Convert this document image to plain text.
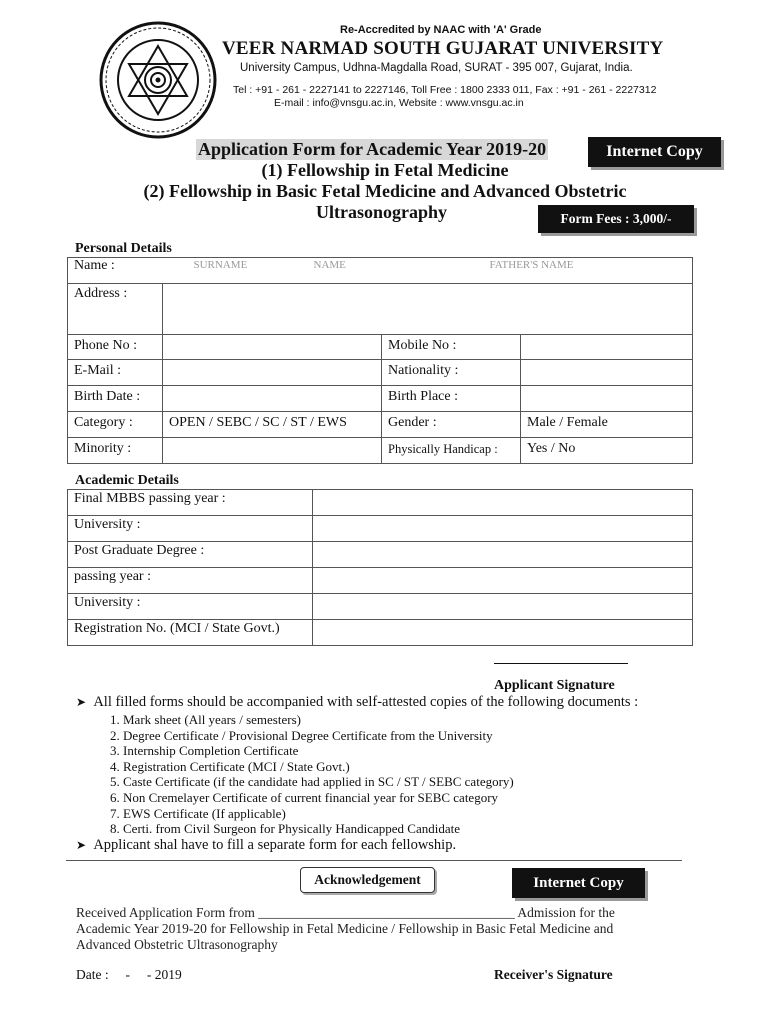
Re-Accredited by NAAC with 'A' Grade
VEER NARMAD SOUTH GUJARAT UNIVERSITY
University Campus, Udhna-Magdalla Road, SURAT - 395 007, Gujarat, India.
Tel : +91 - 261 - 2227141 to 2227146, Toll Free : 1800 2333 011, Fax : +91 - 261 - 2227312
E-mail : info@vnsgu.ac.in, Website : www.vnsgu.ac.in
Application Form for Academic Year 2019-20	Internet Copy
(1) Fellowship in Fetal Medicine
(2) Fellowship in Basic Fetal Medicine and Advanced Obstetric
Ultrasonography	Form Fees : 3,000/-
Personal Details
Name : SURNAME NAME FATHER'S NAME			

Address :			
Phone No :		Mobile No :	
E-Mail :		Nationality :	
Birth Date :		Birth Place :	
Category :	OPEN / SEBC / SC / ST / EWS	Gender :	Male / Female
Minority :		Physically Handicap :	Yes / No
Academic Details
Final MBBS passing year :	
University :	
Post Graduate Degree :	
passing year :	
University :	
Registration No. (MCI / State Govt.)	
Applicant Signature
➤ All filled forms should be accompanied with self-attested copies of the following documents :
1. Mark sheet (All years / semesters)
2. Degree Certificate / Provisional Degree Certificate from the University
3. Internship Completion Certificate
4. Registration Certificate (MCI / State Govt.)
5. Caste Certificate (if the candidate had applied in SC / ST / SEBC category)
6. Non Cremelayer Certificate of current financial year for SEBC category
7. EWS Certificate (If applicable)
8. Certi. from Civil Surgeon for Physically Handicapped Candidate
➤ Applicant shal have to fill a separate form for each fellowship.
Acknowledgement	Internet Copy
Received Application Form from ______________________________________ Admission for the Academic Year 2019-20 for Fellowship in Fetal Medicine / Fellowship in Basic Fetal Medicine and Advanced Obstetric Ultrasonography
Date :     -     - 2019	Receiver's Signature
